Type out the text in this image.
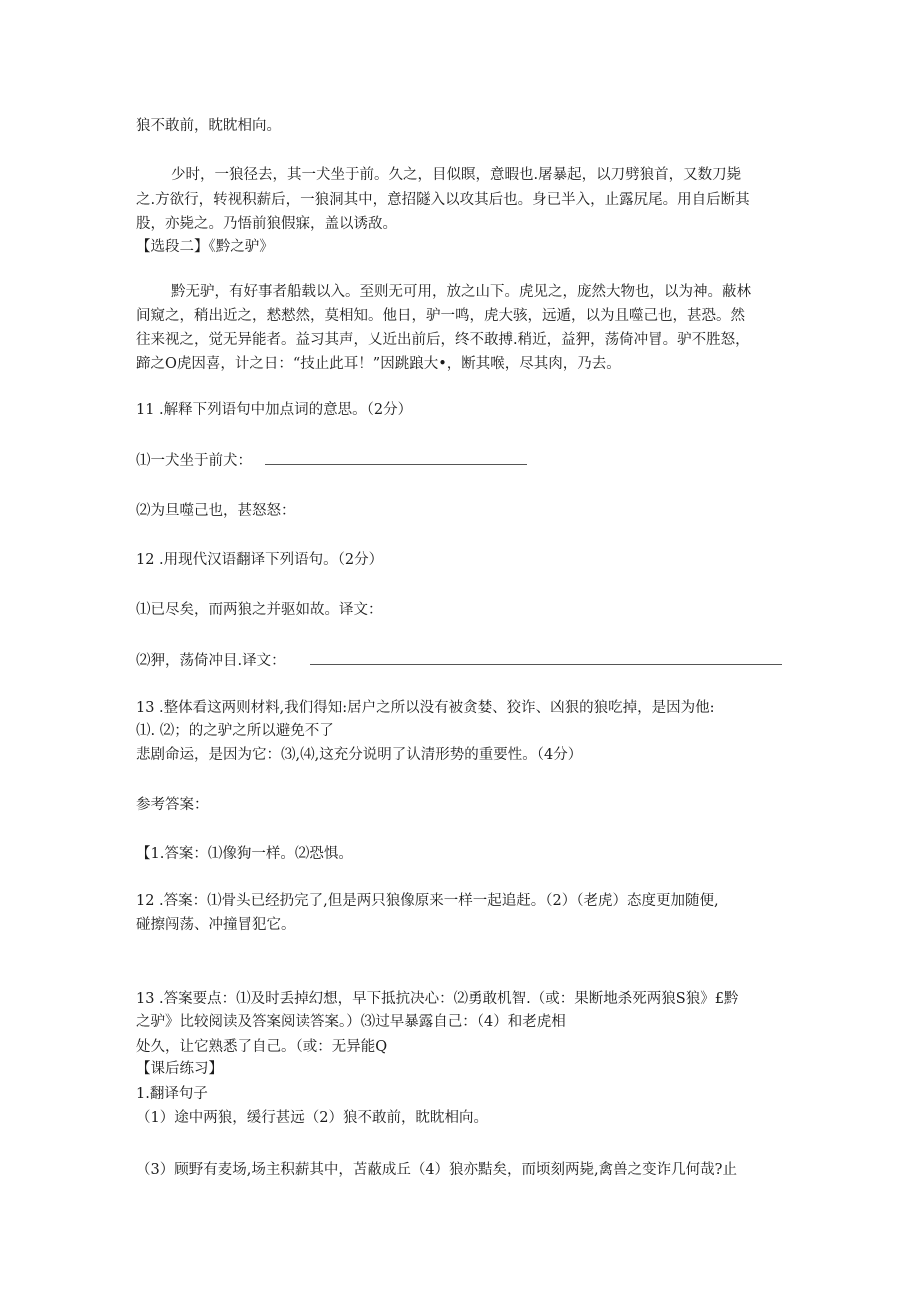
狼不敢前，眈眈相向。
少时，一狼径去，其一犬坐于前。久之，目似瞑，意暇也.屠暴起，以刀劈狼首，又数刀毙
之.方欲行，转视积薪后，一狼洞其中，意招隧入以攻其后也。身已半入，止露尻尾。用自后断其
股，亦毙之。乃悟前狼假寐，盖以诱敌。
【选段二】《黔之驴》
黔无驴，有好事者船载以入。至则无可用，放之山下。虎见之，庞然大物也，以为神。蔽林
间窥之，稍出近之，慭慭然，莫相知。他日，驴一鸣，虎大骇，远遁，以为且噬己也，甚恐。然
往来视之，觉无异能者。益习其声，乂近出前后，终不敢搏.稍近，益狎，荡倚冲冒。驴不胜怒，
蹄之O虎因喜，计之日：“技止此耳！”因跳踉大•，断其喉，尽其肉，乃去。
11 .解释下列语句中加点词的意思。（2分）
⑴一犬坐于前犬：
⑵为旦噬己也，甚怒怒：
12 .用现代汉语翻译下列语句。（2分）
⑴已尽矣，而两狼之并驱如故。译文：
⑵狎，荡倚冲目.译文：
13 .整体看这两则材料,我们得知:居户之所以没有被贪婪、狡诈、凶狠的狼吃掉，是因为他:
⑴. ⑵；的之驴之所以避免不了
悲剧命运，是因为它：⑶,⑷,这充分说明了认清形势的重要性。（4分）
参考答案：
【1.答案：⑴像狗一样。⑵恐惧。
12 .答案：⑴骨头已经扔完了,但是两只狼像原来一样一起追赶。（2）（老虎）态度更加随便,
碰擦闯荡、冲撞冒犯它。
13 .答案要点：⑴及时丢掉幻想，早下抵抗决心：⑵勇敢机智.（或：果断地杀死两狼S狼》£黔
之驴》比较阅读及答案阅读答案。）⑶过早暴露自己：（4）和老虎相
处久，让它熟悉了自己。（或：无异能Q
【课后练习】
1.翻译句子
（1）途中两狼，缓行甚远（2）狼不敢前，眈眈相向。
（3）顾野有麦场,场主积薪其中，苫蔽成丘（4）狼亦黠矣，而顷刻两毙,禽兽之变诈几何哉?止
